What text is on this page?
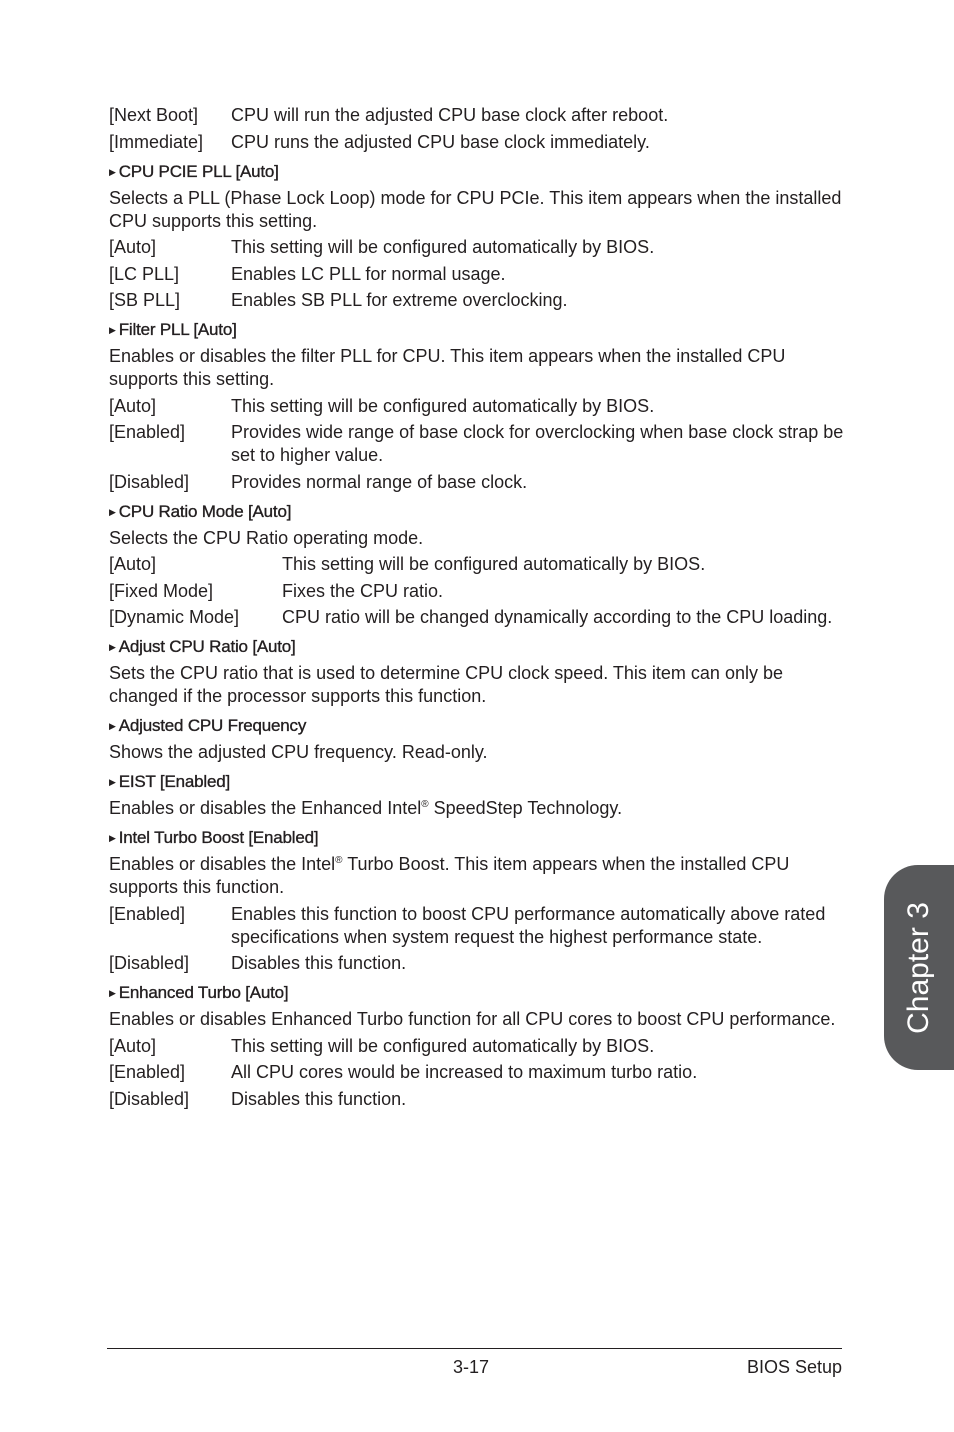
[Next Boot]	CPU will run the adjusted CPU base clock after reboot.
[Immediate]	CPU runs the adjusted CPU base clock immediately.
▶ CPU PCIE PLL [Auto]
Selects a PLL (Phase Lock Loop) mode for CPU PCIe. This item appears when the installed CPU supports this setting.
[Auto]	This setting will be configured automatically by BIOS.
[LC PLL]	Enables LC PLL for normal usage.
[SB PLL]	Enables SB PLL for extreme overclocking.
▶ Filter PLL [Auto]
Enables or disables the filter PLL for CPU. This item appears when the installed CPU supports this setting.
[Auto]	This setting will be configured automatically by BIOS.
[Enabled]	Provides wide range of base clock for overclocking when base clock strap be set to higher value.
[Disabled]	Provides normal range of base clock.
▶ CPU Ratio Mode [Auto]
Selects the CPU Ratio operating mode.
[Auto]	This setting will be configured automatically by BIOS.
[Fixed Mode]	Fixes the CPU ratio.
[Dynamic Mode]	CPU ratio will be changed dynamically according to the CPU loading.
▶ Adjust CPU Ratio [Auto]
Sets the CPU ratio that is used to determine CPU clock speed. This item can only be changed if the processor supports this function.
▶ Adjusted CPU Frequency
Shows the adjusted CPU frequency. Read-only.
▶ EIST [Enabled]
Enables or disables the Enhanced Intel® SpeedStep Technology.
▶ Intel Turbo Boost [Enabled]
Enables or disables the Intel® Turbo Boost. This item appears when the installed CPU supports this function.
[Enabled]	Enables this function to boost CPU performance automatically above rated specifications when system request the highest performance state.
[Disabled]	Disables this function.
▶ Enhanced Turbo [Auto]
Enables or disables Enhanced Turbo function for all CPU cores to boost CPU performance.
[Auto]	This setting will be configured automatically by BIOS.
[Enabled]	All CPU cores would be increased to maximum turbo ratio.
[Disabled]	Disables this function.
Chapter 3
3-17	BIOS Setup
